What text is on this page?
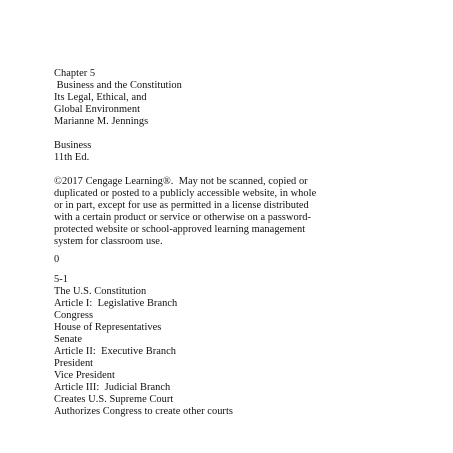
Chapter 5
Business and the Constitution
Its Legal, Ethical, and
Global Environment
Marianne M. Jennings
Business
11th Ed.
©2017 Cengage Learning®.  May not be scanned, copied or
duplicated or posted to a publicly accessible website, in whole
or in part, except for use as permitted in a license distributed
with a certain product or service or otherwise on a password-
protected website or school-approved learning management
system for classroom use.
0
5-1
The U.S. Constitution
Article I:  Legislative Branch
Congress
House of Representatives
Senate
Article II:  Executive Branch
President
Vice President
Article III:  Judicial Branch
Creates U.S. Supreme Court
Authorizes Congress to create other courts
